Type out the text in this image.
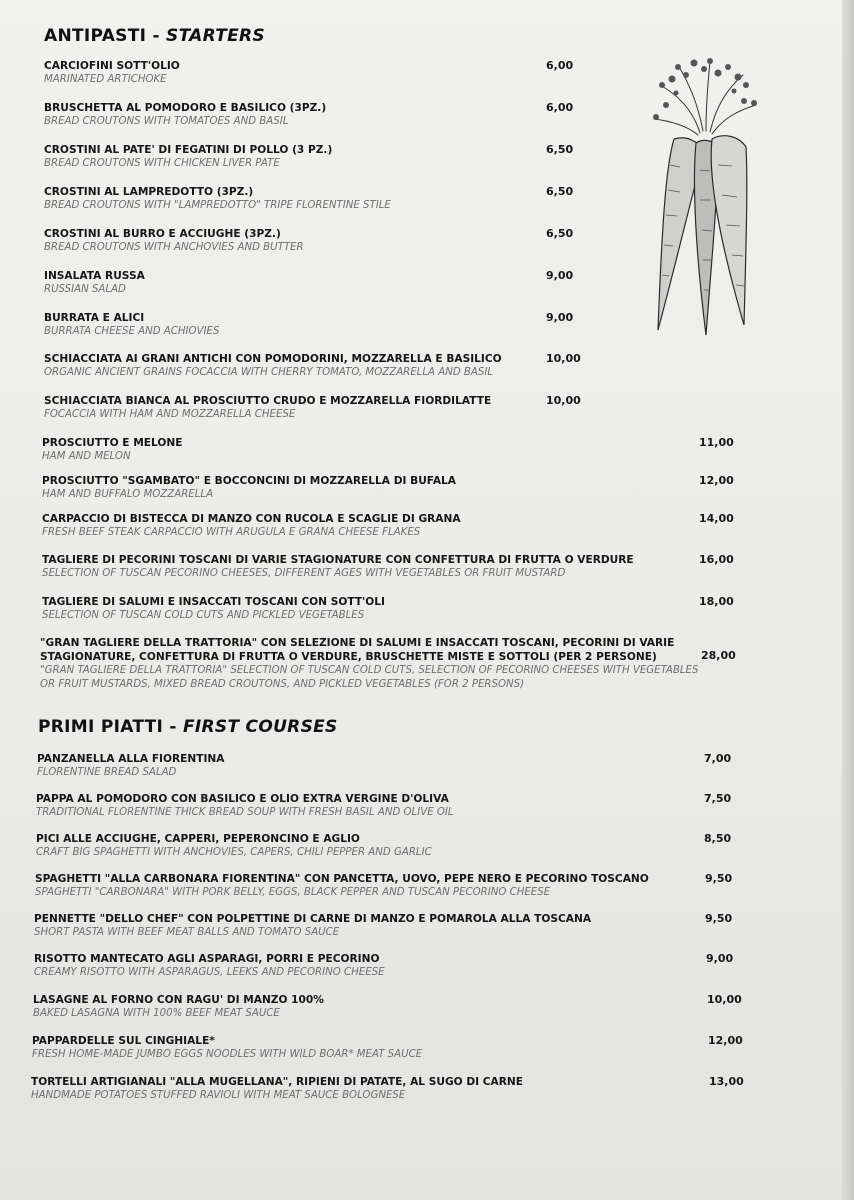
ANTIPASTI - STARTERS
CARCIOFINI SOTT'OLIO
MARINATED ARTICHOKE
6,00
BRUSCHETTA AL POMODORO E BASILICO (3PZ.)
BREAD CROUTONS WITH TOMATOES AND BASIL
6,00
CROSTINI AL PATE' DI FEGATINI DI POLLO (3 PZ.)
BREAD CROUTONS WITH CHICKEN LIVER PATE
6,50
CROSTINI AL LAMPREDOTTO (3PZ.)
BREAD CROUTONS WITH "LAMPREDOTTO" TRIPE FLORENTINE STILE
6,50
CROSTINI AL BURRO E ACCIUGHE (3PZ.)
BREAD CROUTONS WITH ANCHOVIES AND BUTTER
6,50
INSALATA RUSSA
RUSSIAN SALAD
9,00
BURRATA E ALICI
BURRATA CHEESE AND ACHIOVIES
9,00
SCHIACCIATA AI GRANI ANTICHI CON POMODORINI, MOZZARELLA E BASILICO
ORGANIC ANCIENT GRAINS FOCACCIA WITH CHERRY TOMATO, MOZZARELLA AND BASIL
10,00
SCHIACCIATA BIANCA AL PROSCIUTTO CRUDO E MOZZARELLA FIORDILATTE
FOCACCIA WITH HAM AND MOZZARELLA CHEESE
10,00
PROSCIUTTO E MELONE
HAM AND MELON
11,00
PROSCIUTTO "SGAMBATO" E BOCCONCINI DI MOZZARELLA DI BUFALA
HAM AND BUFFALO MOZZARELLA
12,00
CARPACCIO DI BISTECCA DI MANZO CON RUCOLA E SCAGLIE DI GRANA
FRESH BEEF STEAK CARPACCIO WITH ARUGULA E GRANA CHEESE FLAKES
14,00
TAGLIERE DI PECORINI TOSCANI DI VARIE STAGIONATURE CON CONFETTURA DI FRUTTA O VERDURE
SELECTION OF TUSCAN PECORINO CHEESES, DIFFERENT AGES WITH VEGETABLES OR FRUIT MUSTARD
16,00
TAGLIERE DI SALUMI E INSACCATI TOSCANI CON SOTT'OLI
SELECTION OF TUSCAN COLD CUTS AND PICKLED VEGETABLES
18,00
"GRAN TAGLIERE DELLA TRATTORIA" CON SELEZIONE DI SALUMI E INSACCATI TOSCANI, PECORINI DI VARIE STAGIONATURE, CONFETTURA DI FRUTTA O VERDURE, BRUSCHETTE MISTE E SOTTOLI (PER 2 PERSONE)
"GRAN TAGLIERE DELLA TRATTORIA" SELECTION OF TUSCAN COLD CUTS, SELECTION OF PECORINO CHEESES WITH VEGETABLES OR FRUIT MUSTARDS, MIXED BREAD CROUTONS, AND PICKLED VEGETABLES (FOR 2 PERSONS)
28,00
PRIMI PIATTI - FIRST COURSES
PANZANELLA ALLA FIORENTINA
FLORENTINE BREAD SALAD
7,00
PAPPA AL POMODORO CON BASILICO E OLIO EXTRA VERGINE D'OLIVA
TRADITIONAL FLORENTINE THICK BREAD SOUP WITH FRESH BASIL AND OLIVE OIL
7,50
PICI ALLE ACCIUGHE, CAPPERI, PEPERONCINO E AGLIO
CRAFT BIG SPAGHETTI WITH ANCHOVIES, CAPERS, CHILI PEPPER AND GARLIC
8,50
SPAGHETTI "ALLA CARBONARA FIORENTINA" CON PANCETTA, UOVO, PEPE NERO E PECORINO TOSCANO
SPAGHETTI "CARBONARA" WITH PORK BELLY, EGGS, BLACK PEPPER AND TUSCAN PECORINO CHEESE
9,50
PENNETTE "DELLO CHEF" CON POLPETTINE DI CARNE DI MANZO E POMAROLA ALLA TOSCANA
SHORT PASTA WITH BEEF MEAT BALLS AND TOMATO SAUCE
9,50
RISOTTO MANTECATO AGLI ASPARAGI, PORRI E PECORINO
CREAMY RISOTTO WITH ASPARAGUS, LEEKS AND PECORINO CHEESE
9,00
LASAGNE AL FORNO CON RAGU' DI MANZO 100%
BAKED LASAGNA WITH 100% BEEF MEAT SAUCE
10,00
PAPPARDELLE SUL CINGHIALE*
FRESH HOME-MADE JUMBO EGGS NOODLES WITH WILD BOAR* MEAT SAUCE
12,00
TORTELLI ARTIGIANALI "ALLA MUGELLANA", RIPIENI DI PATATE, AL SUGO DI CARNE
HANDMADE POTATOES STUFFED RAVIOLI WITH MEAT SAUCE BOLOGNESE
13,00
